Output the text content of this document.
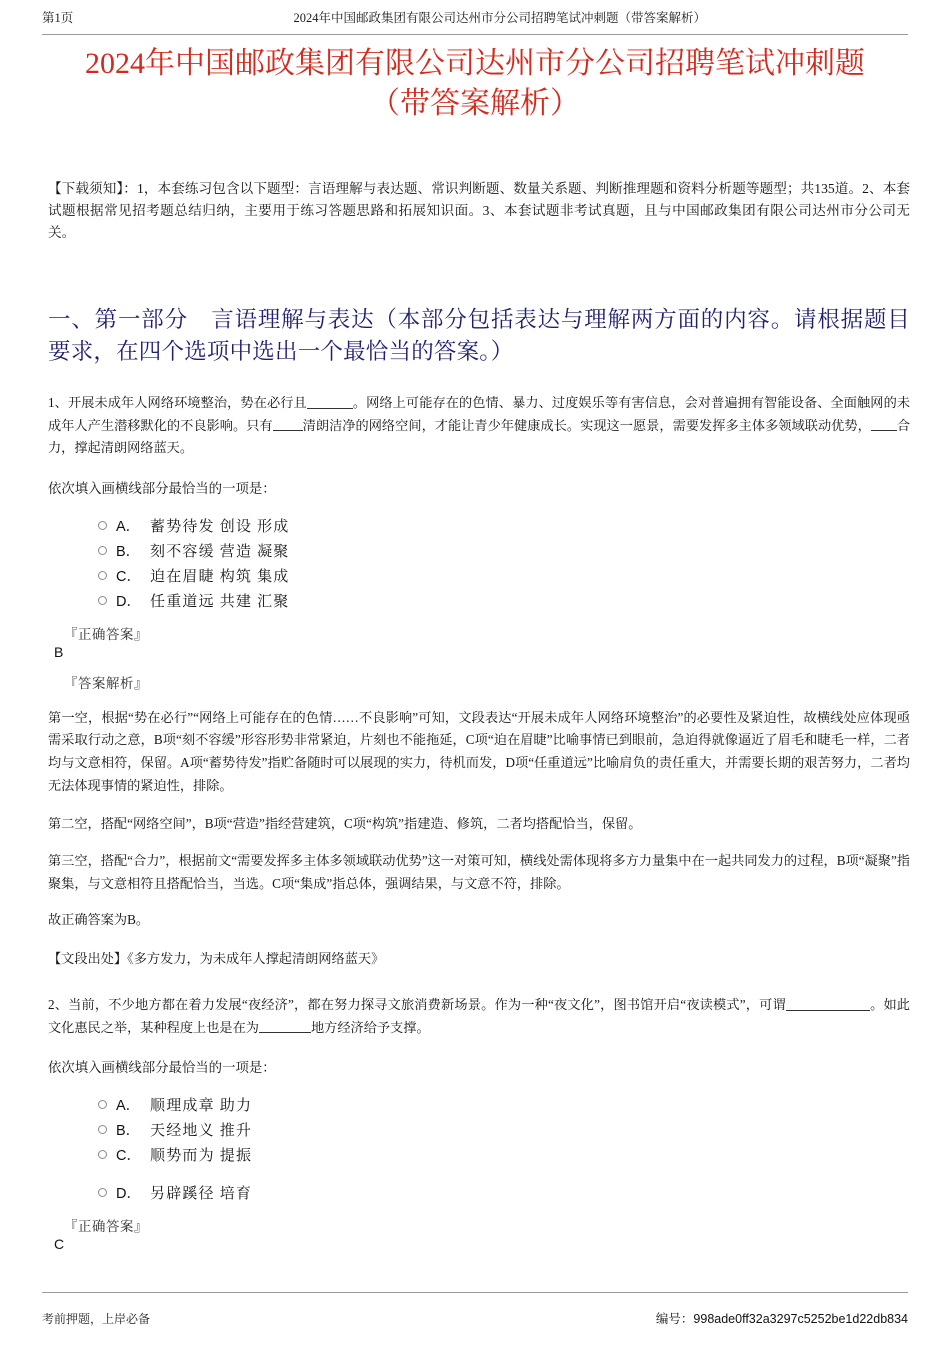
第1页	2024年中国邮政集团有限公司达州市分公司招聘笔试冲刺题（带答案解析）
2024年中国邮政集团有限公司达州市分公司招聘笔试冲刺题
（带答案解析）

【下载须知】：1，本套练习包含以下题型：言语理解与表达题、常识判断题、数量关系题、判断推理题和资料分析题等题型；共135道。2、本套试题根据常见招考题总结归纳，主要用于练习答题思路和拓展知识面。3、本套试题非考试真题，且与中国邮政集团有限公司达州市分公司无关。

一、第一部分　言语理解与表达（本部分包括表达与理解两方面的内容。请根据题目要求，在四个选项中选出一个最恰当的答案。）

1、开展未成年人网络环境整治，势在必行且	。网络上可能存在的色情、暴力、过度娱乐等有害信息，会对普遍拥有智能设备、全面触网的未成年人产生潜移默化的不良影响。只有 清朗洁净的网络空间，才能让青少年健康成长。实现这一愿景，需要发挥多主体多领域联动优势， 合力，撑起清朗网络蓝天。

依次填入画横线部分最恰当的一项是：

A． 蓄势待发 创设 形成
B． 刻不容缓 营造 凝聚
C． 迫在眉睫 构筑 集成
D． 任重道远 共建 汇聚
『正确答案』
B
『答案解析』

第一空，根据“势在必行”“网络上可能存在的色情……不良影响”可知，文段表达“开展未成年人网络环境整治”的必要性及紧迫性，故横线处应体现亟需采取行动之意，B项“刻不容缓”形容形势非常紧迫，片刻也不能拖延，C项“迫在眉睫”比喻事情已到眼前，急迫得就像逼近了眉毛和睫毛一样，二者均与文意相符，保留。A项“蓄势待发”指贮备随时可以展现的实力，待机而发，D项“任重道远”比喻肩负的责任重大，并需要长期的艰苦努力，二者均无法体现事情的紧迫性，排除。

第二空，搭配“网络空间”，B项“营造”指经营建筑，C项“构筑”指建造、修筑，二者均搭配恰当，保留。

第三空，搭配“合力”，根据前文“需要发挥多主体多领域联动优势”这一对策可知，横线处需体现将多方力量集中在一起共同发力的过程，B项“凝聚”指聚集，与文意相符且搭配恰当，当选。C项“集成”指总体，强调结果，与文意不符，排除。

故正确答案为B。

【文段出处】《多方发力，为未成年人撑起清朗网络蓝天》

2、当前，不少地方都在着力发展“夜经济”，都在努力探寻文旅消费新场景。作为一种“夜文化”，图书馆开启“夜读模式”，可谓	。如此文化惠民之举，某种程度上也是在为	地方经济给予支撑。

依次填入画横线部分最恰当的一项是：

A． 顺理成章 助力
B． 天经地义 推升
C． 顺势而为 提振
D． 另辟蹊径 培育
『正确答案』
C
考前押题，上岸必备	编号：998ade0ff32a3297c5252be1d22db834
